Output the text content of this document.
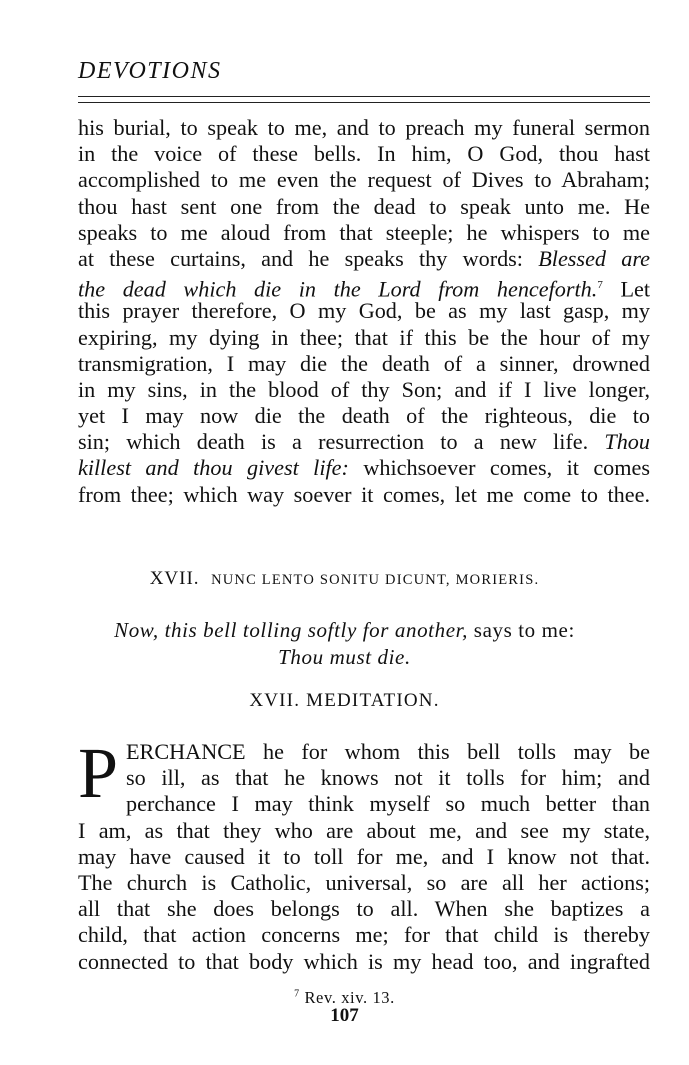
DEVOTIONS
his burial, to speak to me, and to preach my funeral sermon
in the voice of these bells. In him, O God, thou hast
accomplished to me even the request of Dives to Abraham;
thou hast sent one from the dead to speak unto me. He
speaks to me aloud from that steeple; he whispers to me
at these curtains, and he speaks thy words: Blessed are
the dead which die in the Lord from henceforth.$^7$ Let
this prayer therefore, O my God, be as my last gasp, my
expiring, my dying in thee; that if this be the hour of my
transmigration, I may die the death of a sinner, drowned
in my sins, in the blood of thy Son; and if I live longer,
yet I may now die the death of the righteous, die to
sin; which death is a resurrection to a new life. Thou
killest and thou givest life: whichsoever comes, it comes
from thee; which way soever it comes, let me come to thee.
XVII. NUNC LENTO SONITU DICUNT, MORIERIS.
Now, this bell tolling softly for another, says to me:
Thou must die.
XVII. MEDITATION.
P ERCHANCE he for whom this bell tolls may be
so ill, as that he knows not it tolls for him; and
perchance I may think myself so much better than
I am, as that they who are about me, and see my state,
may have caused it to toll for me, and I know not that.
The church is Catholic, universal, so are all her actions;
all that she does belongs to all. When she baptizes a
child, that action concerns me; for that child is thereby
connected to that body which is my head too, and ingrafted
$^7$ Rev. xiv. 13.
107
